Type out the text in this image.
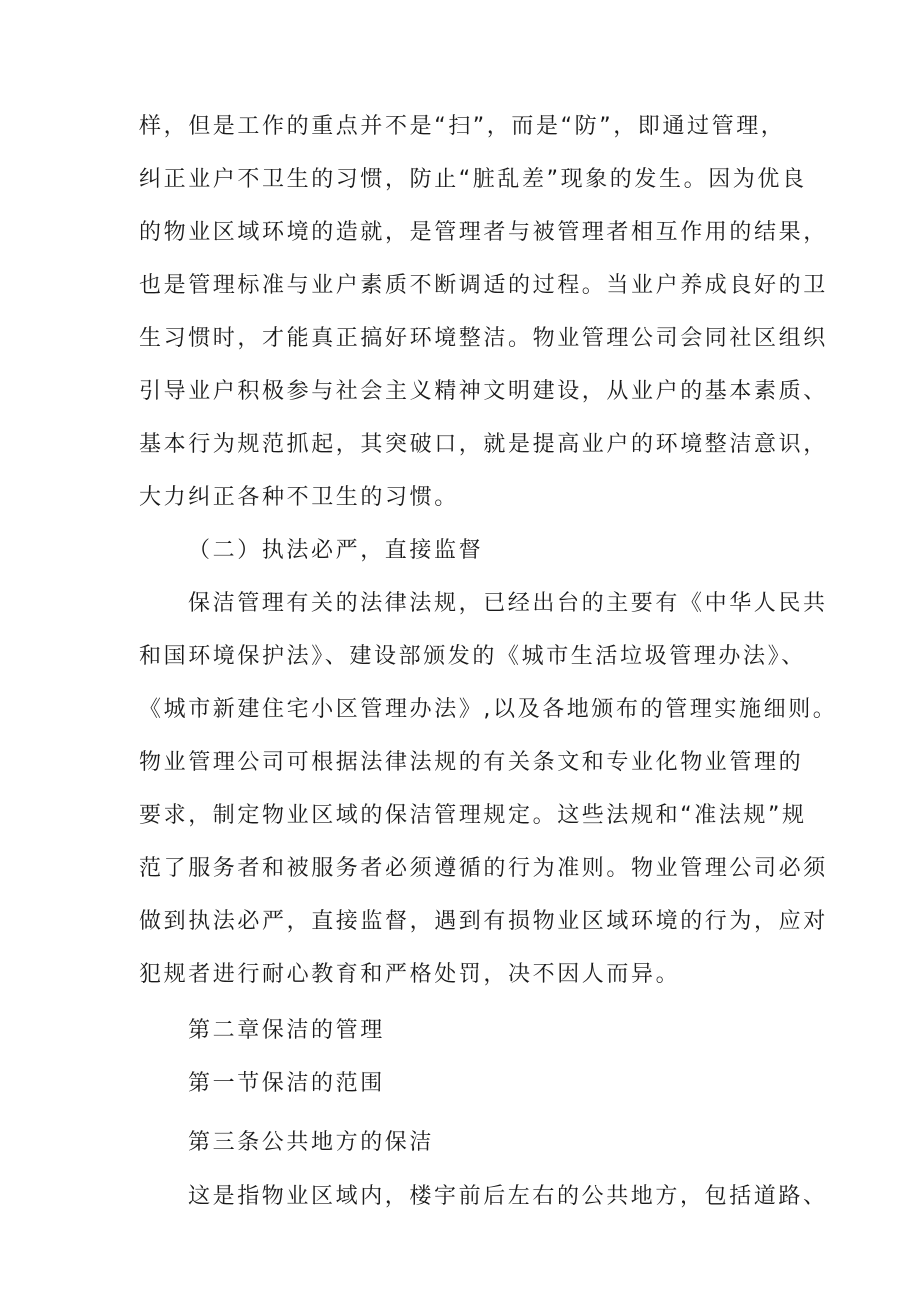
样，但是工作的重点并不是“扫”，而是“防”，即通过管理，
纠正业户不卫生的习惯，防止“脏乱差”现象的发生。因为优良
的物业区域环境的造就，是管理者与被管理者相互作用的结果，
也是管理标准与业户素质不断调适的过程。当业户养成良好的卫
生习惯时，才能真正搞好环境整洁。物业管理公司会同社区组织
引导业户积极参与社会主义精神文明建设，从业户的基本素质、
基本行为规范抓起，其突破口，就是提高业户的环境整洁意识，
大力纠正各种不卫生的习惯。
（二）执法必严，直接监督
保洁管理有关的法律法规，已经出台的主要有《中华人民共
和国环境保护法》、建设部颁发的《城市生活垃圾管理办法》、
《城市新建住宅小区管理办法》,以及各地颁布的管理实施细则。
物业管理公司可根据法律法规的有关条文和专业化物业管理的
要求，制定物业区域的保洁管理规定。这些法规和“准法规”规
范了服务者和被服务者必须遵循的行为准则。物业管理公司必须
做到执法必严，直接监督，遇到有损物业区域环境的行为，应对
犯规者进行耐心教育和严格处罚，决不因人而异。
第二章保洁的管理
第一节保洁的范围
第三条公共地方的保洁
这是指物业区域内，楼宇前后左右的公共地方，包括道路、
